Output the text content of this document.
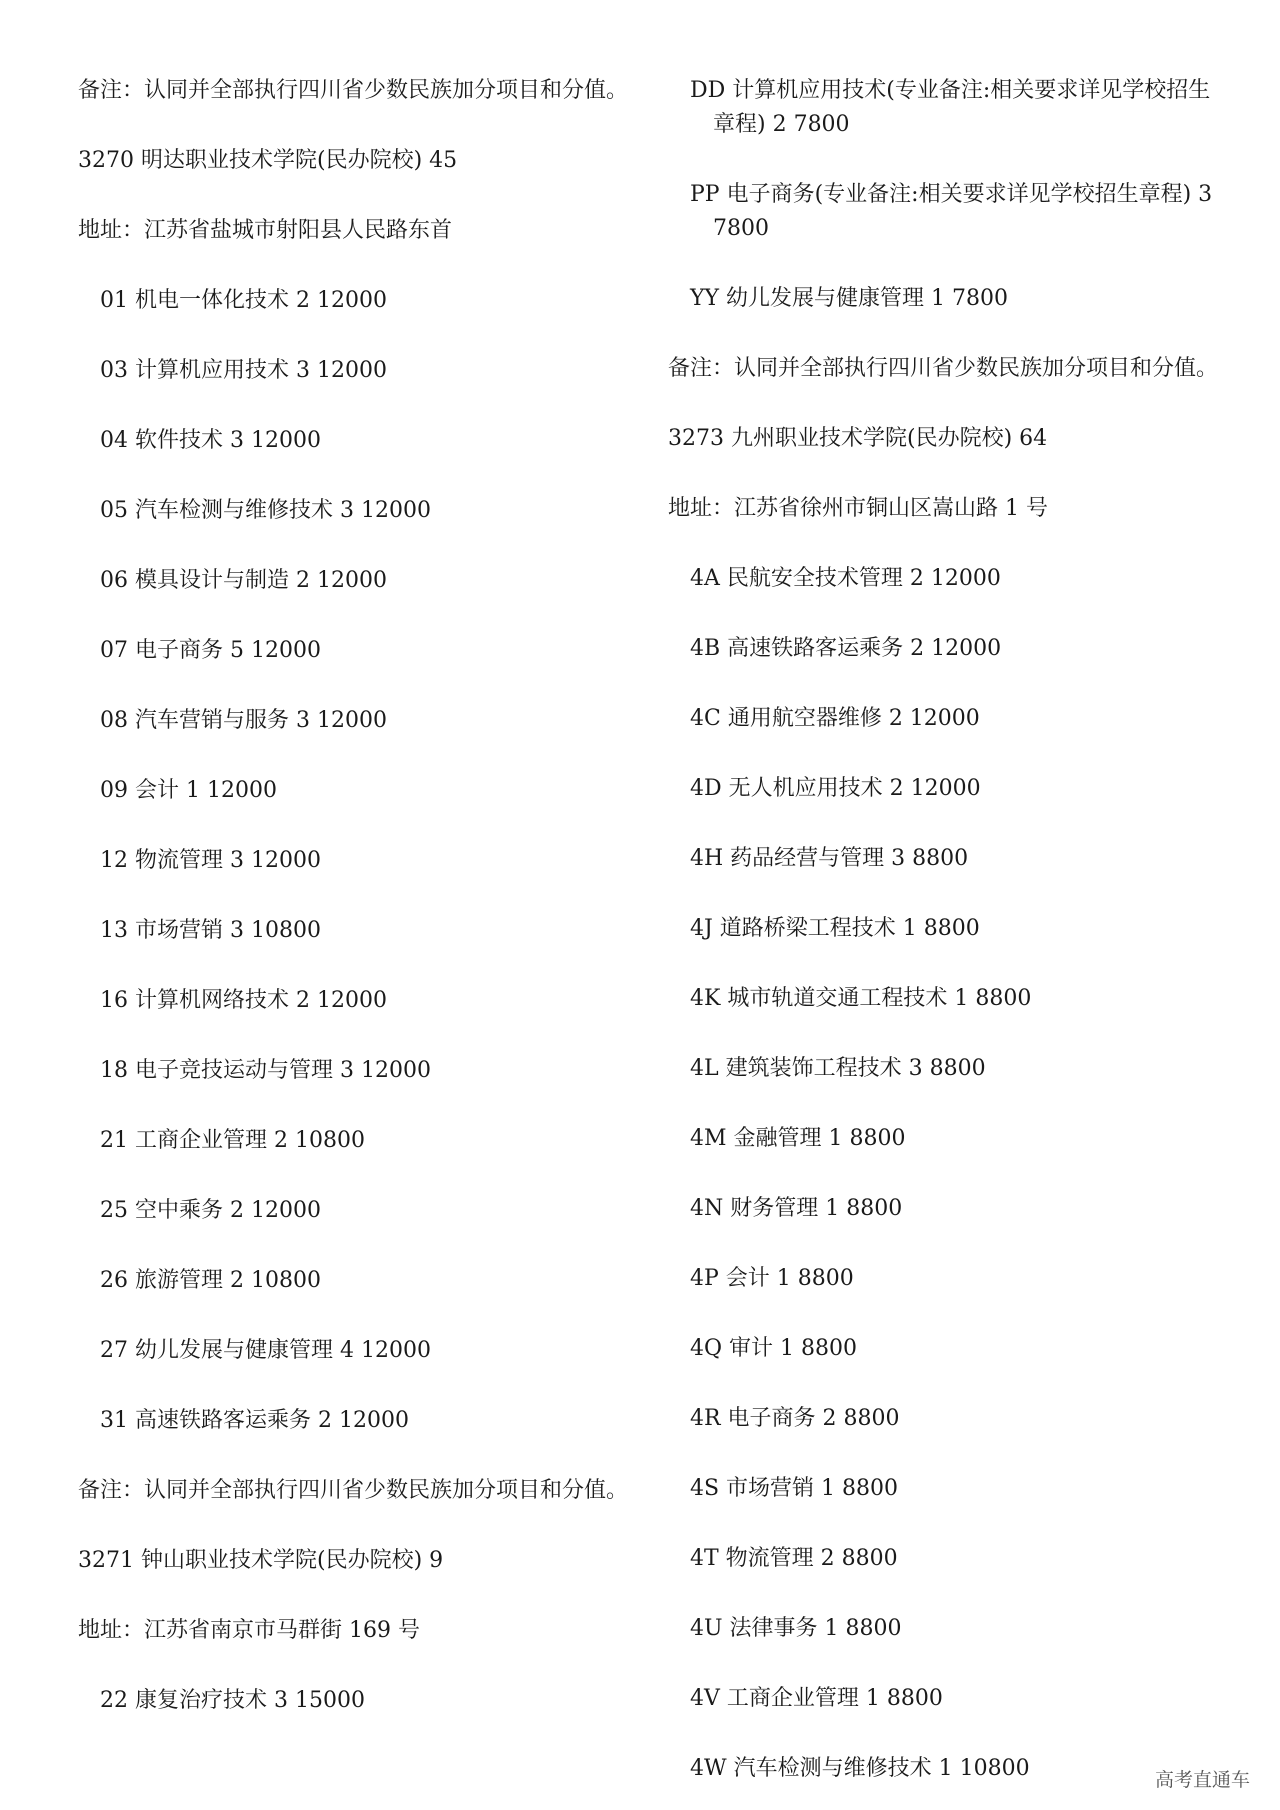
备注：认同并全部执行四川省少数民族加分项目和分值。

3270 明达职业技术学院(民办院校) 45

地址：江苏省盐城市射阳县人民路东首

01 机电一体化技术 2 12000

03 计算机应用技术 3 12000

04 软件技术 3 12000

05 汽车检测与维修技术 3 12000

06 模具设计与制造 2 12000

07 电子商务 5 12000

08 汽车营销与服务 3 12000

09 会计 1 12000

12 物流管理 3 12000

13 市场营销 3 10800

16 计算机网络技术 2 12000

18 电子竞技运动与管理 3 12000

21 工商企业管理 2 10800

25 空中乘务 2 12000

26 旅游管理 2 10800

27 幼儿发展与健康管理 4 12000

31 高速铁路客运乘务 2 12000

备注：认同并全部执行四川省少数民族加分项目和分值。

3271 钟山职业技术学院(民办院校) 9

地址：江苏省南京市马群街 169 号

22 康复治疗技术 3 15000

DD 计算机应用技术(专业备注:相关要求详见学校招生章程) 2 7800

PP 电子商务(专业备注:相关要求详见学校招生章程) 3 7800

YY 幼儿发展与健康管理 1 7800

备注：认同并全部执行四川省少数民族加分项目和分值。

3273 九州职业技术学院(民办院校) 64

地址：江苏省徐州市铜山区嵩山路 1 号

4A 民航安全技术管理 2 12000

4B 高速铁路客运乘务 2 12000

4C 通用航空器维修 2 12000

4D 无人机应用技术 2 12000

4H 药品经营与管理 3 8800

4J 道路桥梁工程技术 1 8800

4K 城市轨道交通工程技术 1 8800

4L 建筑装饰工程技术 3 8800

4M 金融管理 1 8800

4N 财务管理 1 8800

4P 会计 1 8800

4Q 审计 1 8800

4R 电子商务 2 8800

4S 市场营销 1 8800

4T 物流管理 2 8800

4U 法律事务 1 8800

4V 工商企业管理 1 8800

4W 汽车检测与维修技术 1 10800	高考直通车
